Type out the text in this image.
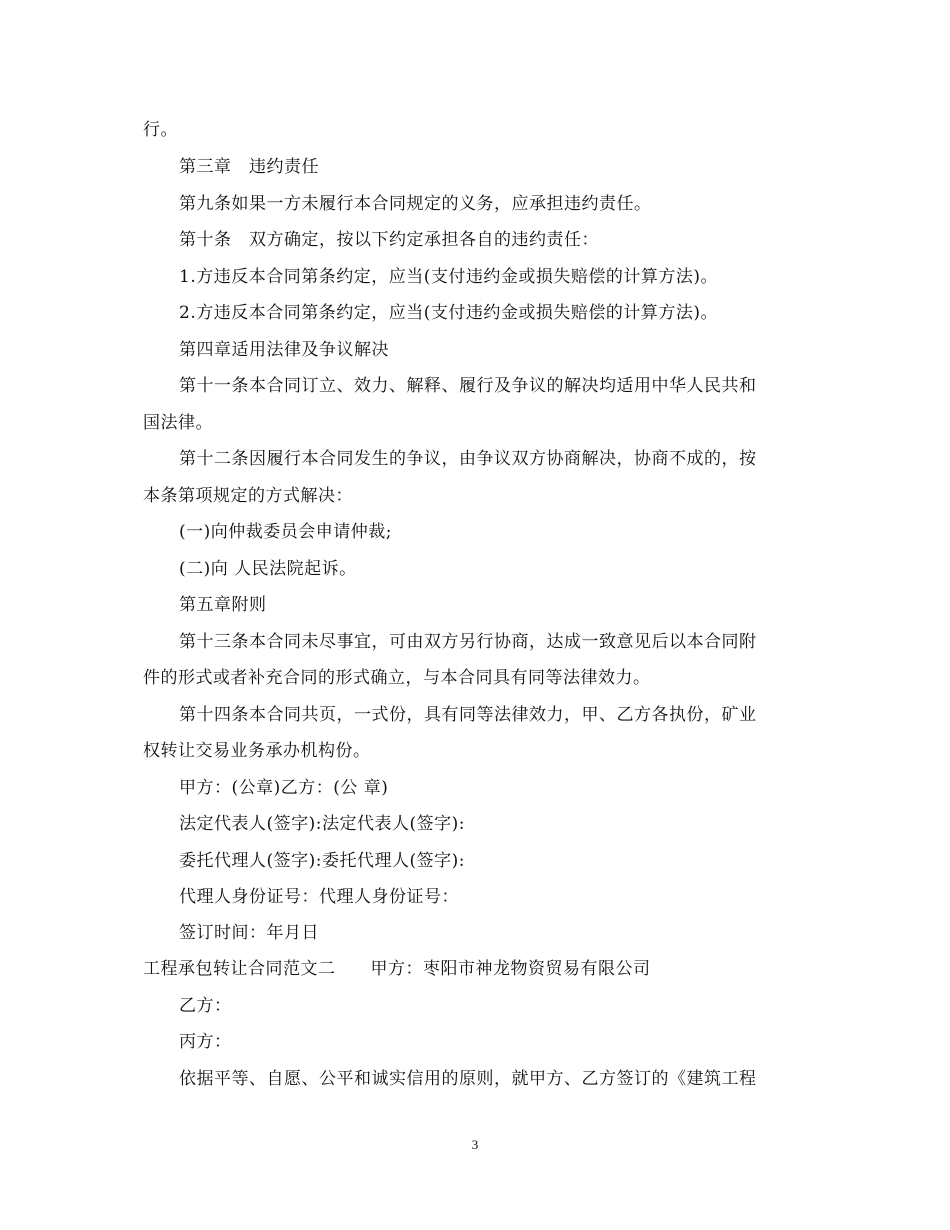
行。
第三章　违约责任
第九条如果一方未履行本合同规定的义务，应承担违约责任。
第十条　双方确定，按以下约定承担各自的违约责任：
1.方违反本合同第条约定，应当(支付违约金或损失赔偿的计算方法)。
2.方违反本合同第条约定，应当(支付违约金或损失赔偿的计算方法)。
第四章适用法律及争议解决
第十一条本合同订立、效力、解释、履行及争议的解决均适用中华人民共和
国法律。
第十二条因履行本合同发生的争议，由争议双方协商解决，协商不成的，按
本条第项规定的方式解决：
(一)向仲裁委员会申请仲裁;
(二)向 人民法院起诉。
第五章附则
第十三条本合同未尽事宜，可由双方另行协商，达成一致意见后以本合同附
件的形式或者补充合同的形式确立，与本合同具有同等法律效力。
第十四条本合同共页，一式份，具有同等法律效力，甲、乙方各执份，矿业
权转让交易业务承办机构份。
甲方：(公章)乙方：(公 章)
法定代表人(签字):法定代表人(签字):
委托代理人(签字):委托代理人(签字):
代理人身份证号：代理人身份证号：
签订时间：年月日
工程承包转让合同范文二　　甲方：枣阳市神龙物资贸易有限公司
乙方：
丙方：
依据平等、自愿、公平和诚实信用的原则，就甲方、乙方签订的《建筑工程
3
